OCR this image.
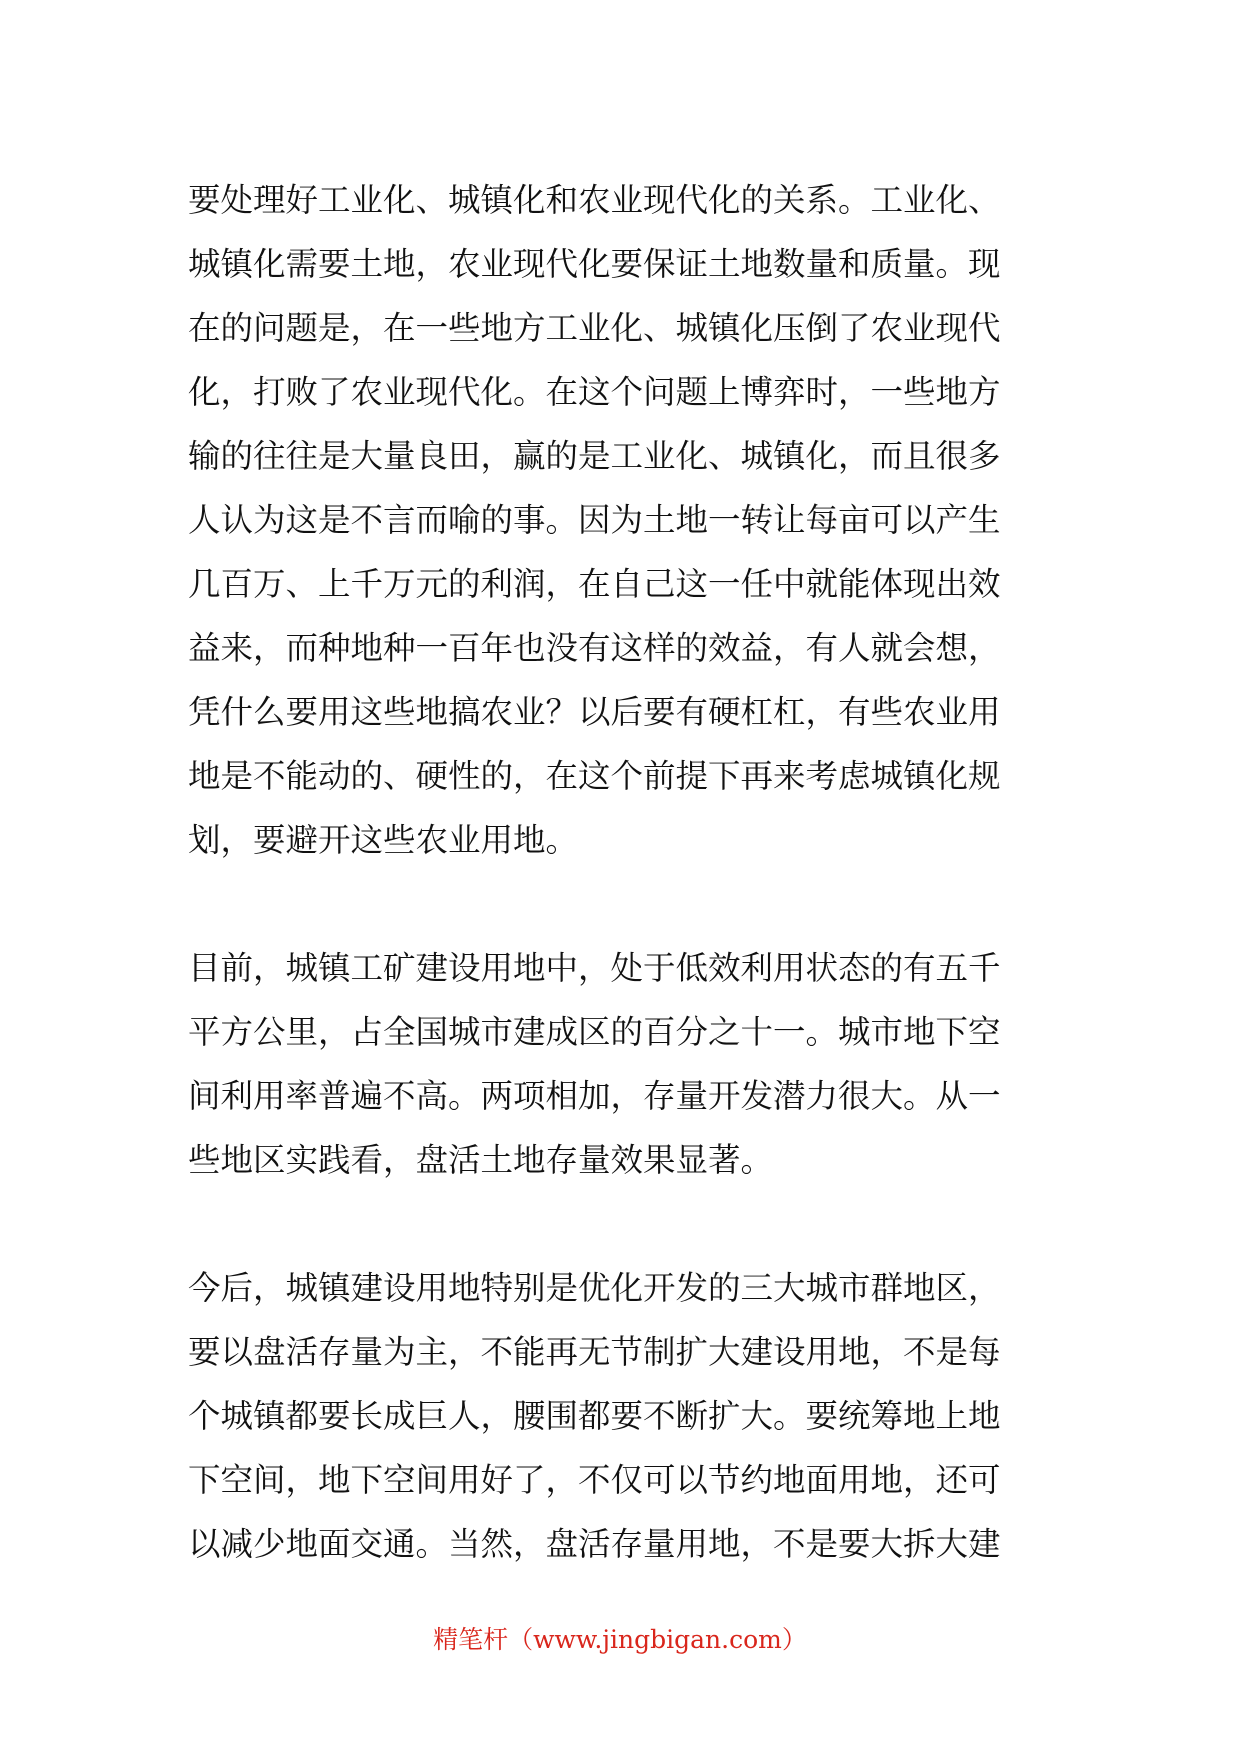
要处理好工业化、城镇化和农业现代化的关系。工业化、
城镇化需要土地，农业现代化要保证土地数量和质量。现
在的问题是，在一些地方工业化、城镇化压倒了农业现代
化，打败了农业现代化。在这个问题上博弈时，一些地方
输的往往是大量良田，赢的是工业化、城镇化，而且很多
人认为这是不言而喻的事。因为土地一转让每亩可以产生
几百万、上千万元的利润，在自己这一任中就能体现出效
益来，而种地种一百年也没有这样的效益，有人就会想，
凭什么要用这些地搞农业？以后要有硬杠杠，有些农业用
地是不能动的、硬性的，在这个前提下再来考虑城镇化规
划，要避开这些农业用地。

目前，城镇工矿建设用地中，处于低效利用状态的有五千
平方公里，占全国城市建成区的百分之十一。城市地下空
间利用率普遍不高。两项相加，存量开发潜力很大。从一
些地区实践看，盘活土地存量效果显著。

今后，城镇建设用地特别是优化开发的三大城市群地区，
要以盘活存量为主，不能再无节制扩大建设用地，不是每
个城镇都要长成巨人，腰围都要不断扩大。要统筹地上地
下空间，地下空间用好了，不仅可以节约地面用地，还可
以减少地面交通。当然，盘活存量用地，不是要大拆大建

精笔杆（www.jingbigan.com）
